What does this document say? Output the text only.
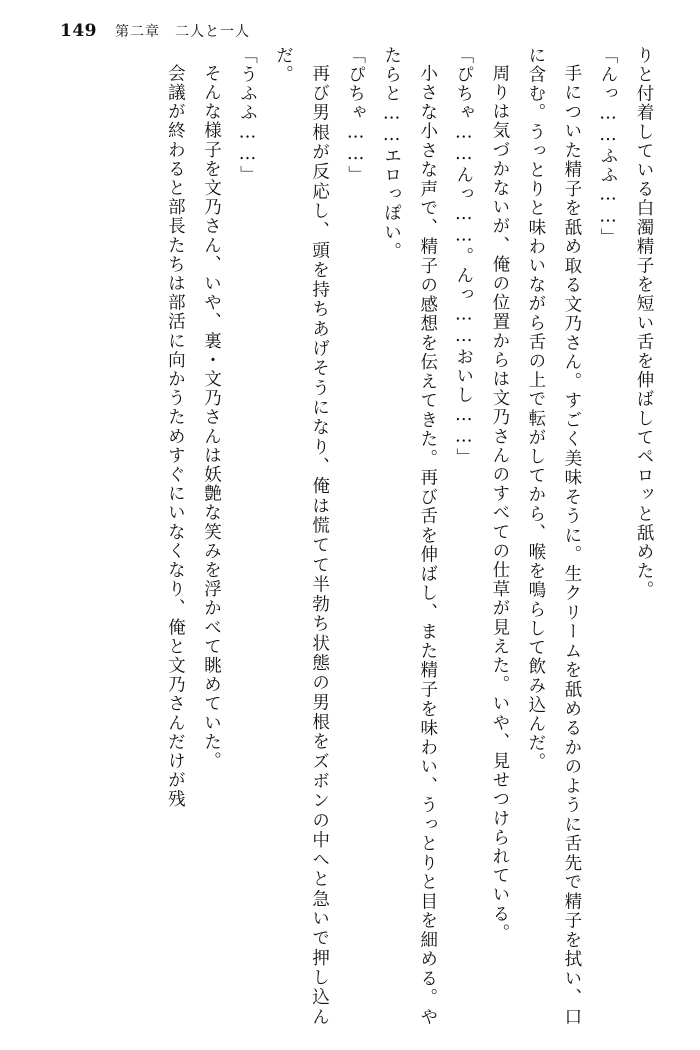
149 第二章　二人と一人

りと付着している白濁精子を短い舌を伸ばしてペロッと舐めた。

「んっ……ふふ……」

手についた精子を舐め取る文乃さん。すごく美味そうに。生クリームを舐めるかのように舌先で精子を拭い、口に含む。うっとりと味わいながら舌の上で転がしてから、喉を鳴らして飲み込んだ。

周りは気づかないが、俺の位置からは文乃さんのすべての仕草が見えた。いや、見せつけられている。

「ぴちゃ……んっ……。んっ……おいし……」

小さな小さな声で、精子の感想を伝えてきた。再び舌を伸ばし、また精子を味わい、うっとりと目を細める。やたらと……エロっぽい。

「ぴちゃ……」

再び男根が反応し、頭を持ちあげそうになり、俺は慌てて半勃ち状態の男根をズボンの中へと急いで押し込んだ。

「うふふ……」

そんな様子を文乃さん、いや、裏・文乃さんは妖艶な笑みを浮かべて眺めていた。

会議が終わると部長たちは部活に向かうためすぐにいなくなり、俺と文乃さんだけが残
